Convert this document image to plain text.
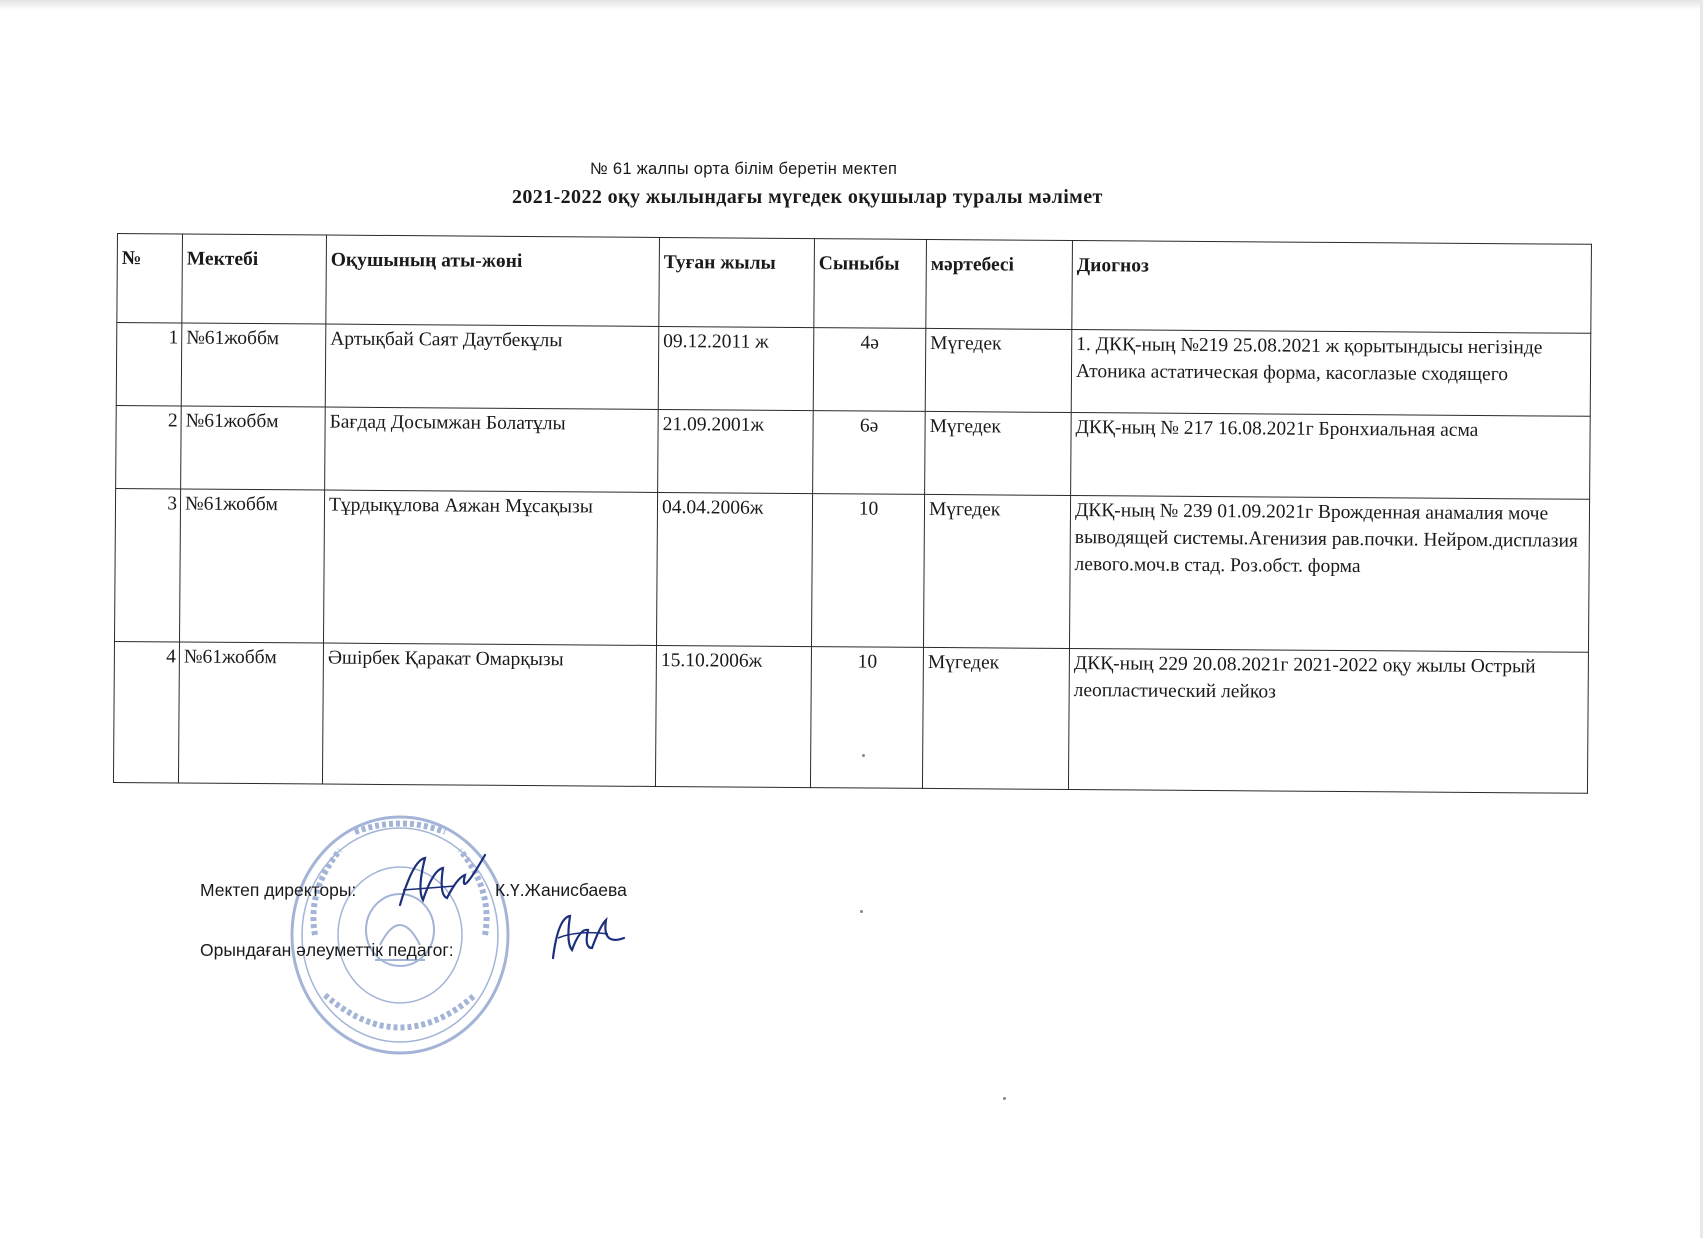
№ 61 жалпы орта білім беретін мектеп
2021-2022 оқу жылындағы мүгедек оқушылар туралы мәлімет
№	Мектебі	Оқушының аты-жөні	Туған жылы	Сыныбы	мәртебесі	Диогноз
1	№61жоббм	Артықбай Саят Даутбекұлы	09.12.2011 ж	4ә	Мүгедек	1. ДКҚ-ның №219 25.08.2021 ж қорытындысы негізінде Атоника астатическая форма, касоглазые сходящего
2	№61жоббм	Бағдад Досымжан Болатұлы	21.09.2001ж	6ә	Мүгедек	ДКҚ-ның № 217 16.08.2021г Бронхиальная асма
3	№61жоббм	Тұрдықұлова Аяжан Мұсақызы	04.04.2006ж	10	Мүгедек	ДКҚ-ның № 239 01.09.2021г Врожденная анамалия моче выводящей системы.Агенизия рав.почки. Нейром.дисплазия левого.моч.в стад. Роз.обст. форма
4	№61жоббм	Әшірбек Қаракат Омарқызы	15.10.2006ж	10	Мүгедек	ДКҚ-ның 229 20.08.2021г 2021-2022 оқу жылы Острый леопластический лейкоз
Мектеп директоры:	К.Ү.Жанисбаева
Орындаған әлеуметтік педагог:
